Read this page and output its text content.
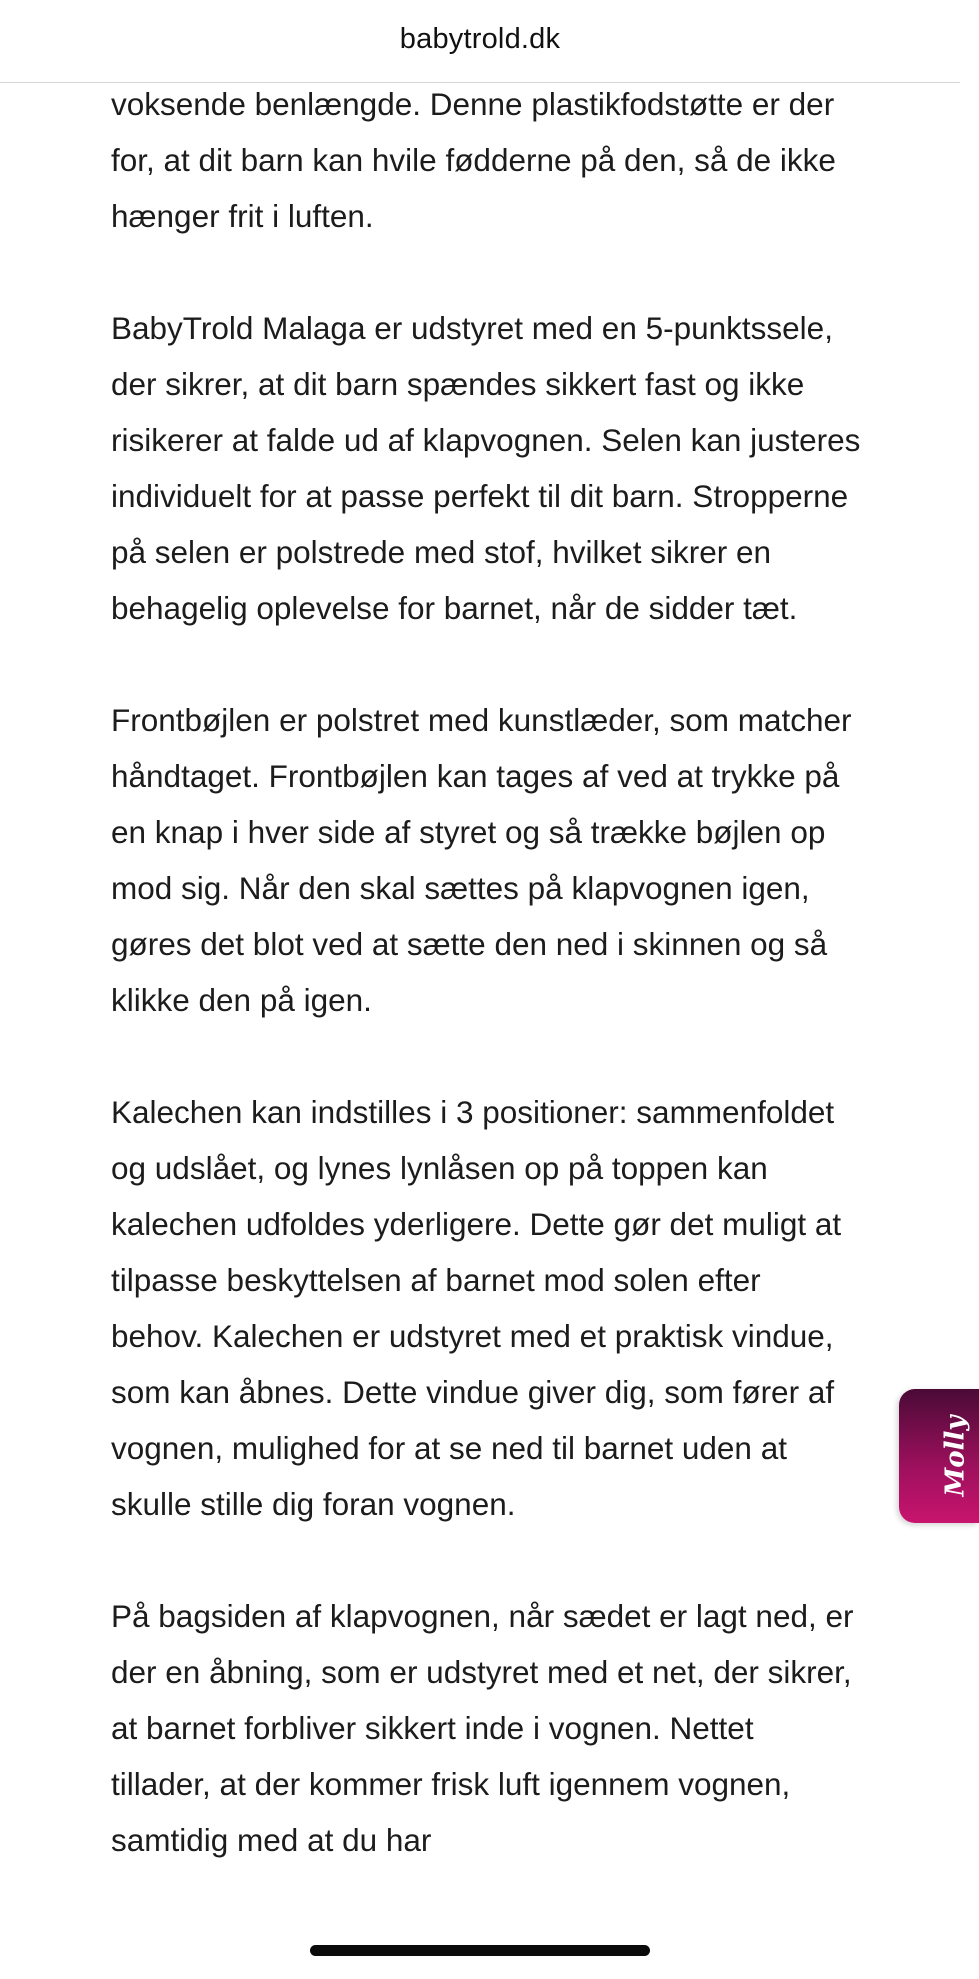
babytrold.dk

voksende benlængde. Denne plastikfodstøtte er der for, at dit barn kan hvile fødderne på den, så de ikke hænger frit i luften.

BabyTrold Malaga er udstyret med en 5-punktssele, der sikrer, at dit barn spændes sikkert fast og ikke risikerer at falde ud af klapvognen. Selen kan justeres individuelt for at passe perfekt til dit barn. Stropperne på selen er polstrede med stof, hvilket sikrer en behagelig oplevelse for barnet, når de sidder tæt.

Frontbøjlen er polstret med kunstlæder, som matcher håndtaget. Frontbøjlen kan tages af ved at trykke på en knap i hver side af styret og så trække bøjlen op mod sig. Når den skal sættes på klapvognen igen, gøres det blot ved at sætte den ned i skinnen og så klikke den på igen.

Kalechen kan indstilles i 3 positioner: sammenfoldet og udslået, og lynes lynlåsen op på toppen kan kalechen udfoldes yderligere. Dette gør det muligt at tilpasse beskyttelsen af barnet mod solen efter behov. Kalechen er udstyret med et praktisk vindue, som kan åbnes. Dette vindue giver dig, som fører af vognen, mulighed for at se ned til barnet uden at skulle stille dig foran vognen.

På bagsiden af klapvognen, når sædet er lagt ned, er der en åbning, som er udstyret med et net, der sikrer, at barnet forbliver sikkert inde i vognen. Nettet tillader, at der kommer frisk luft igennem vognen, samtidig med at du har

Molly
